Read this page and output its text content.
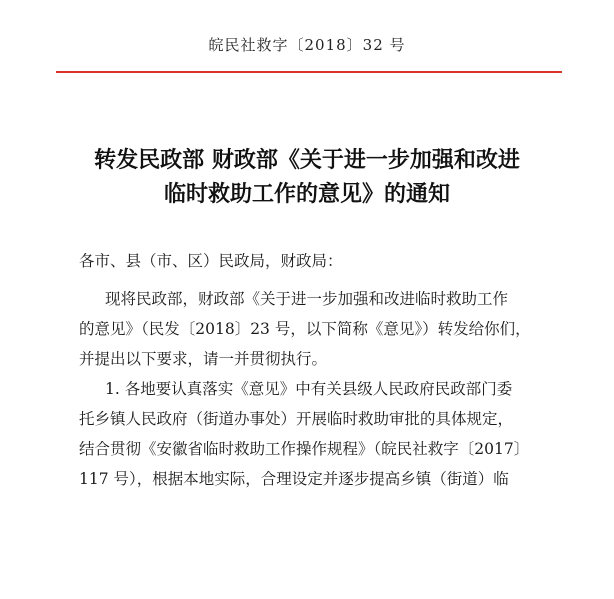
皖民社救字〔2018〕32 号
转发民政部 财政部《关于进一步加强和改进
临时救助工作的意见》的通知
各市、县（市、区）民政局，财政局：
现将民政部，财政部《关于进一步加强和改进临时救助工作
的意见》（民发〔2018〕23 号，以下简称《意见》）转发给你们，
并提出以下要求，请一并贯彻执行。
1. 各地要认真落实《意见》中有关县级人民政府民政部门委
托乡镇人民政府（街道办事处）开展临时救助审批的具体规定，
结合贯彻《安徽省临时救助工作操作规程》（皖民社救字〔2017〕
117 号），根据本地实际，合理设定并逐步提高乡镇（街道）临
